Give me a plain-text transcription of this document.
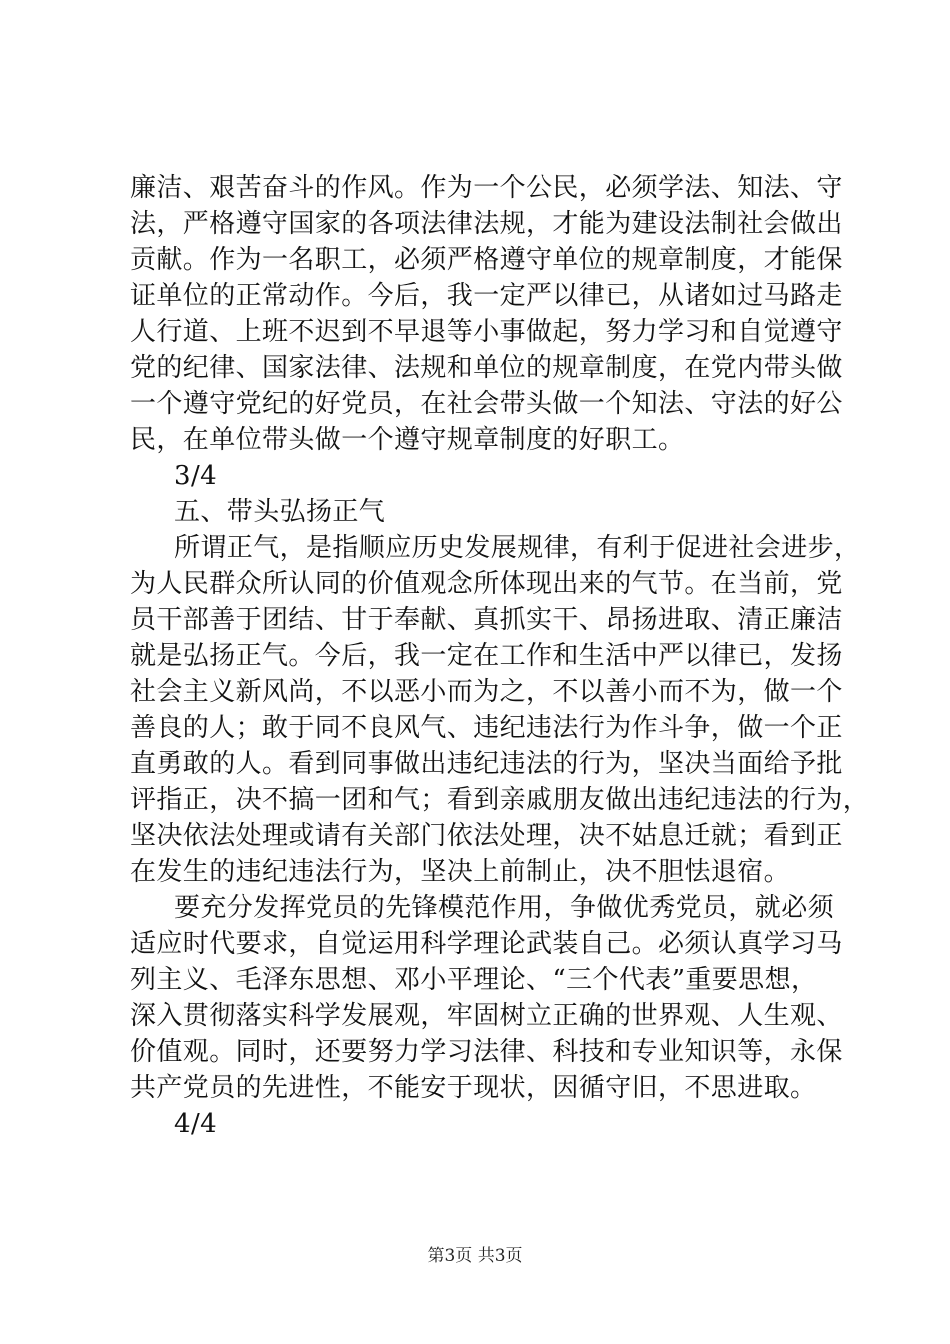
廉洁、艰苦奋斗的作风。作为一个公民，必须学法、知法、守
法，严格遵守国家的各项法律法规，才能为建设法制社会做出
贡献。作为一名职工，必须严格遵守单位的规章制度，才能保
证单位的正常动作。今后，我一定严以律已，从诸如过马路走
人行道、上班不迟到不早退等小事做起，努力学习和自觉遵守
党的纪律、国家法律、法规和单位的规章制度，在党内带头做
一个遵守党纪的好党员，在社会带头做一个知法、守法的好公
民，在单位带头做一个遵守规章制度的好职工。
3/4
五、带头弘扬正气
所谓正气，是指顺应历史发展规律，有利于促进社会进步，
为人民群众所认同的价值观念所体现出来的气节。在当前，党
员干部善于团结、甘于奉献、真抓实干、昂扬进取、清正廉洁
就是弘扬正气。今后，我一定在工作和生活中严以律已，发扬
社会主义新风尚，不以恶小而为之，不以善小而不为，做一个
善良的人；敢于同不良风气、违纪违法行为作斗争，做一个正
直勇敢的人。看到同事做出违纪违法的行为，坚决当面给予批
评指正，决不搞一团和气；看到亲戚朋友做出违纪违法的行为，
坚决依法处理或请有关部门依法处理，决不姑息迁就；看到正
在发生的违纪违法行为，坚决上前制止，决不胆怯退宿。
要充分发挥党员的先锋模范作用，争做优秀党员，就必须
适应时代要求，自觉运用科学理论武装自己。必须认真学习马
列主义、毛泽东思想、邓小平理论、“三个代表”重要思想，
深入贯彻落实科学发展观，牢固树立正确的世界观、人生观、
价值观。同时，还要努力学习法律、科技和专业知识等，永保
共产党员的先进性，不能安于现状，因循守旧，不思进取。
4/4
第3页 共3页
